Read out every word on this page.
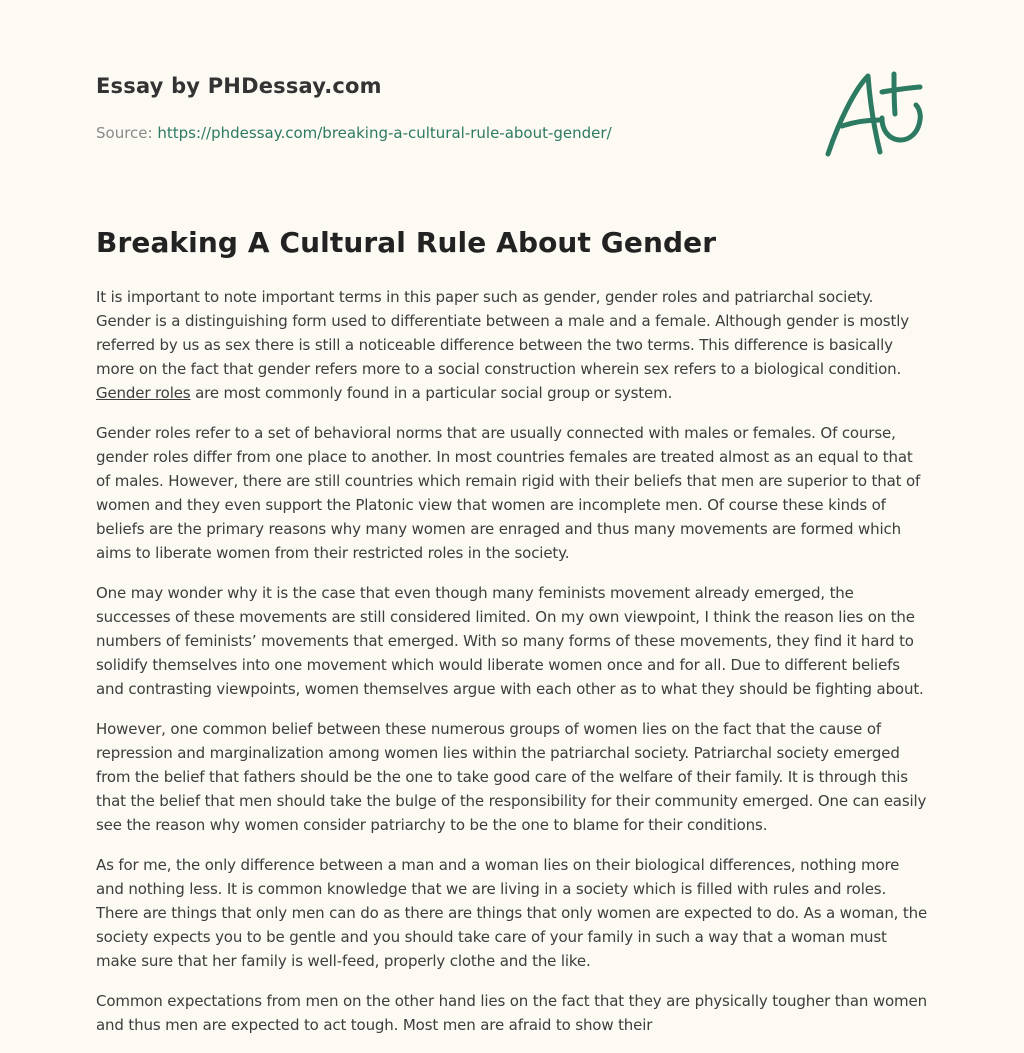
Essay by PHDessay.com
Source: https://phdessay.com/breaking-a-cultural-rule-about-gender/
Breaking A Cultural Rule About Gender

It is important to note important terms in this paper such as gender, gender roles and patriarchal society. Gender is a distinguishing form used to differentiate between a male and a female. Although gender is mostly referred by us as sex there is still a noticeable difference between the two terms. This difference is basically more on the fact that gender refers more to a social construction wherein sex refers to a biological condition. Gender roles are most commonly found in a particular social group or system.

Gender roles refer to a set of behavioral norms that are usually connected with males or females. Of course, gender roles differ from one place to another. In most countries females are treated almost as an equal to that of males. However, there are still countries which remain rigid with their beliefs that men are superior to that of women and they even support the Platonic view that women are incomplete men. Of course these kinds of beliefs are the primary reasons why many women are enraged and thus many movements are formed which aims to liberate women from their restricted roles in the society.

One may wonder why it is the case that even though many feminists movement already emerged, the successes of these movements are still considered limited. On my own viewpoint, I think the reason lies on the numbers of feminists’ movements that emerged. With so many forms of these movements, they find it hard to solidify themselves into one movement which would liberate women once and for all. Due to different beliefs and contrasting viewpoints, women themselves argue with each other as to what they should be fighting about.

However, one common belief between these numerous groups of women lies on the fact that the cause of repression and marginalization among women lies within the patriarchal society. Patriarchal society emerged from the belief that fathers should be the one to take good care of the welfare of their family. It is through this that the belief that men should take the bulge of the responsibility for their community emerged. One can easily see the reason why women consider patriarchy to be the one to blame for their conditions.

As for me, the only difference between a man and a woman lies on their biological differences, nothing more and nothing less. It is common knowledge that we are living in a society which is filled with rules and roles. There are things that only men can do as there are things that only women are expected to do. As a woman, the society expects you to be gentle and you should take care of your family in such a way that a woman must make sure that her family is well-feed, properly clothe and the like.

Common expectations from men on the other hand lies on the fact that they are physically tougher than women and thus men are expected to act tough. Most men are afraid to show their
